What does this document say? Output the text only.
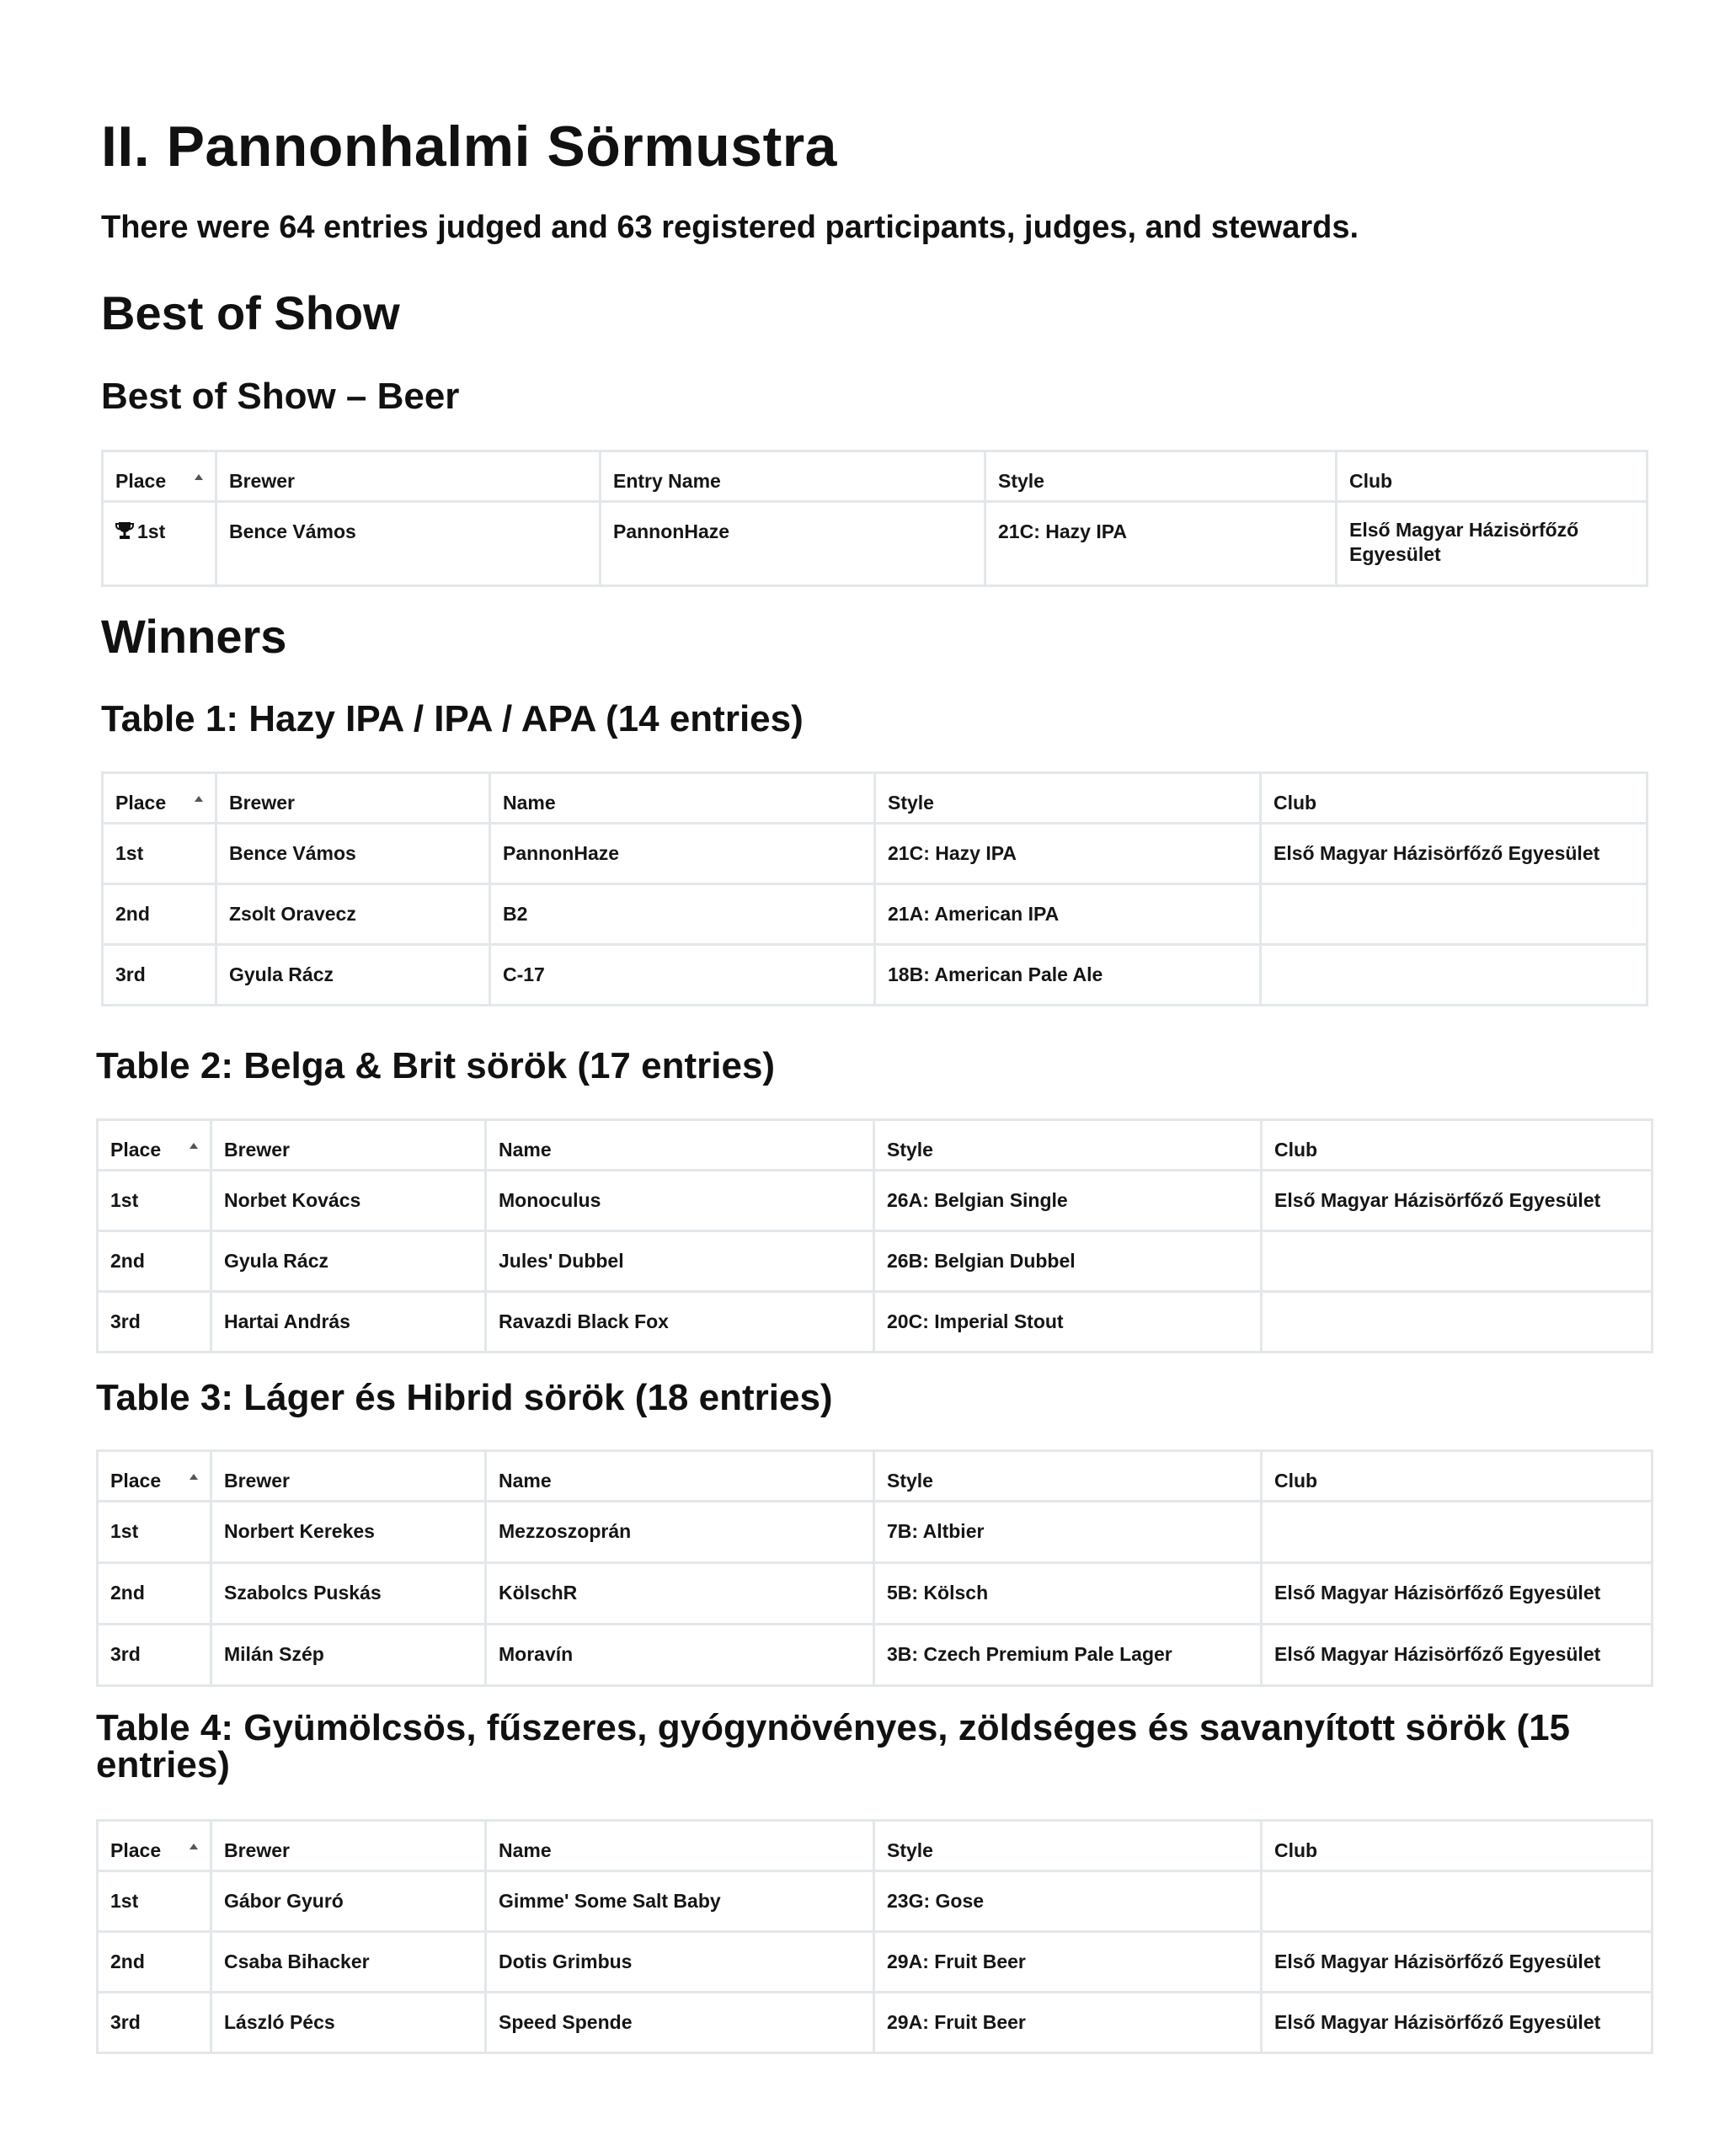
II. Pannonhalmi Sörmustra

There were 64 entries judged and 63 registered participants, judges, and stewards.

Best of Show
Best of Show – Beer
Place	Brewer	Entry Name	Style	Club
1st	Bence Vámos	PannonHaze	21C: Hazy IPA	Első Magyar Házisörfőző Egyesület
Winners
Table 1: Hazy IPA / IPA / APA (14 entries)
Place	Brewer	Name	Style	Club
1st	Bence Vámos	PannonHaze	21C: Hazy IPA	Első Magyar Házisörfőző Egyesület
2nd	Zsolt Oravecz	B2	21A: American IPA	
3rd	Gyula Rácz	C-17	18B: American Pale Ale	
Table 2: Belga & Brit sörök (17 entries)
Place	Brewer	Name	Style	Club
1st	Norbet Kovács	Monoculus	26A: Belgian Single	Első Magyar Házisörfőző Egyesület
2nd	Gyula Rácz	Jules' Dubbel	26B: Belgian Dubbel	
3rd	Hartai András	Ravazdi Black Fox	20C: Imperial Stout	
Table 3: Láger és Hibrid sörök (18 entries)
Place	Brewer	Name	Style	Club
1st	Norbert Kerekes	Mezzoszoprán	7B: Altbier	
2nd	Szabolcs Puskás	KölschR	5B: Kölsch	Első Magyar Házisörfőző Egyesület
3rd	Milán Szép	Moravín	3B: Czech Premium Pale Lager	Első Magyar Házisörfőző Egyesület
Table 4: Gyümölcsös, fűszeres, gyógynövényes, zöldséges és savanyított sörök (15 entries)
Place	Brewer	Name	Style	Club
1st	Gábor Gyuró	Gimme' Some Salt Baby	23G: Gose	
2nd	Csaba Bihacker	Dotis Grimbus	29A: Fruit Beer	Első Magyar Házisörfőző Egyesület
3rd	László Pécs	Speed Spende	29A: Fruit Beer	Első Magyar Házisörfőző Egyesület
